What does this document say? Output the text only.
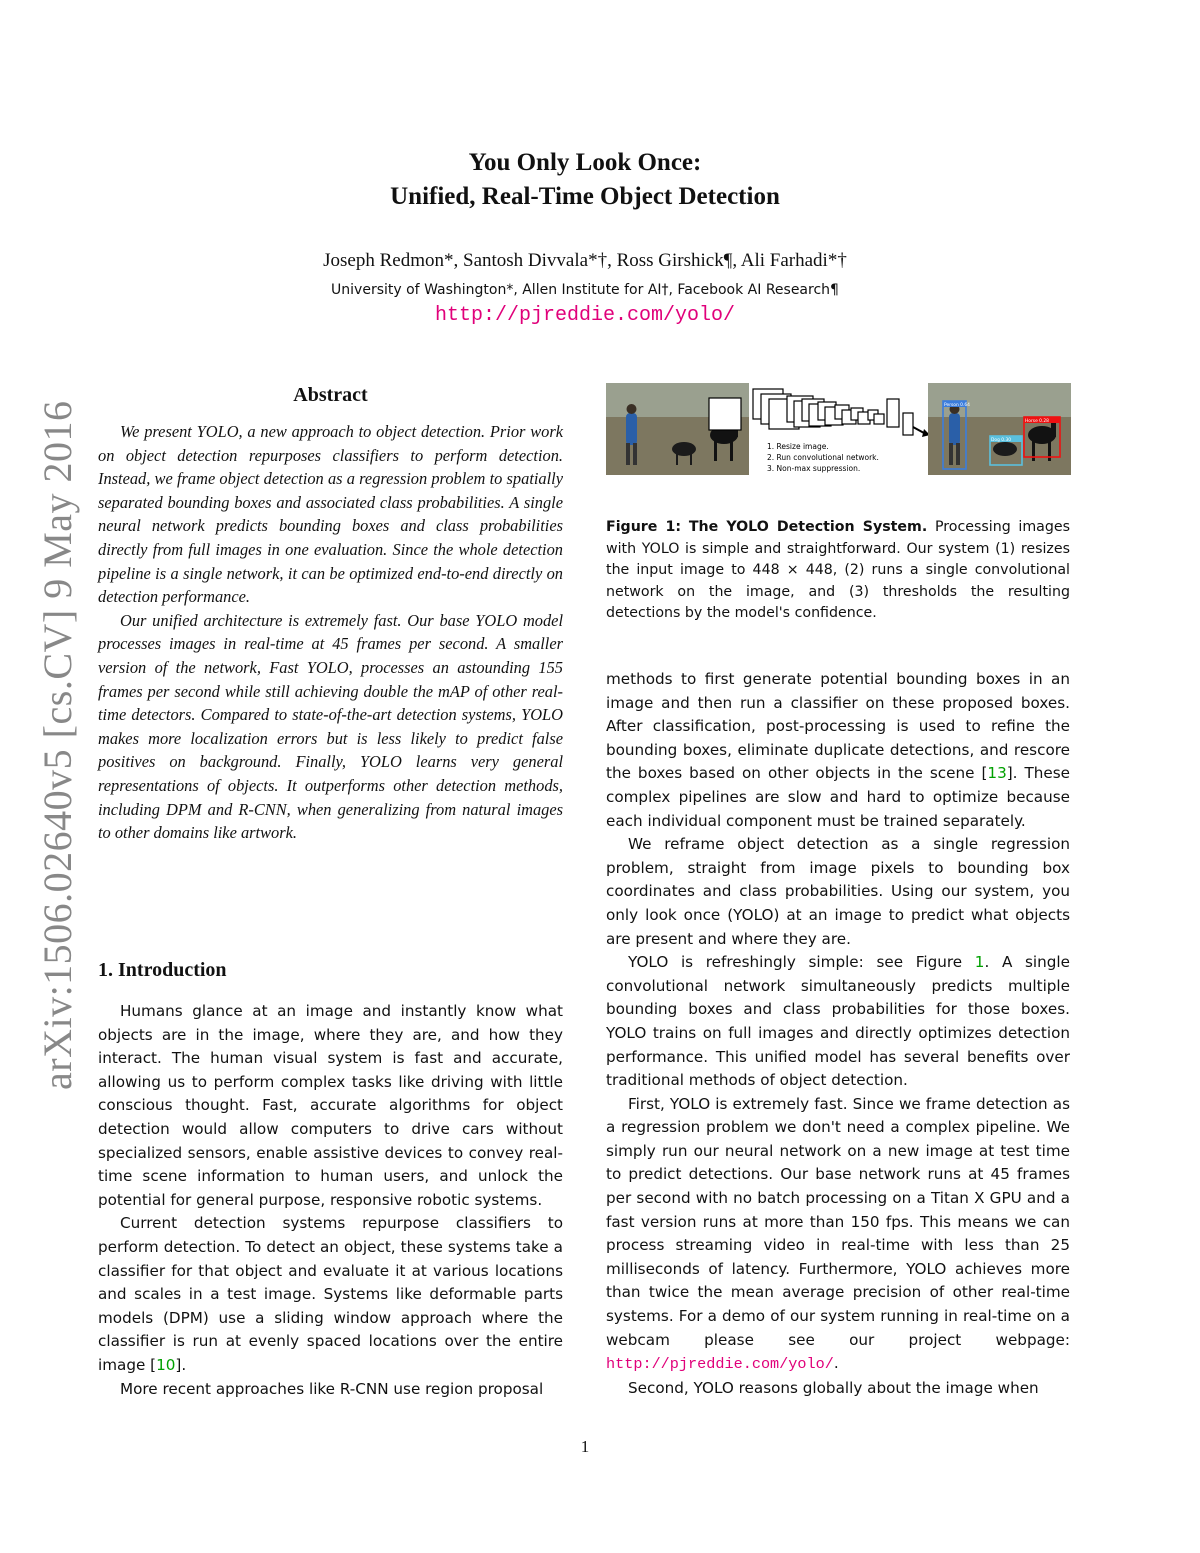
arXiv:1506.02640v5 [cs.CV] 9 May 2016
You Only Look Once:
Unified, Real-Time Object Detection
Joseph Redmon*, Santosh Divvala*†, Ross Girshick¶, Ali Farhadi*†
University of Washington*, Allen Institute for AI†, Facebook AI Research¶
http://pjreddie.com/yolo/
Abstract

We present YOLO, a new approach to object detection. Prior work on object detection repurposes classifiers to perform detection. Instead, we frame object detection as a regression problem to spatially separated bounding boxes and associated class probabilities. A single neural network predicts bounding boxes and class probabilities directly from full images in one evaluation. Since the whole detection pipeline is a single network, it can be optimized end-to-end directly on detection performance.

Our unified architecture is extremely fast. Our base YOLO model processes images in real-time at 45 frames per second. A smaller version of the network, Fast YOLO, processes an astounding 155 frames per second while still achieving double the mAP of other real-time detectors. Compared to state-of-the-art detection systems, YOLO makes more localization errors but is less likely to predict false positives on background. Finally, YOLO learns very general representations of objects. It outperforms other detection methods, including DPM and R-CNN, when generalizing from natural images to other domains like artwork.

1. Introduction

Humans glance at an image and instantly know what objects are in the image, where they are, and how they interact. The human visual system is fast and accurate, allowing us to perform complex tasks like driving with little conscious thought. Fast, accurate algorithms for object detection would allow computers to drive cars without specialized sensors, enable assistive devices to convey real-time scene information to human users, and unlock the potential for general purpose, responsive robotic systems.

Current detection systems repurpose classifiers to perform detection. To detect an object, these systems take a classifier for that object and evaluate it at various locations and scales in a test image. Systems like deformable parts models (DPM) use a sliding window approach where the classifier is run at evenly spaced locations over the entire image [10].

More recent approaches like R-CNN use region proposal

1. Resize image.
2. Run convolutional network.
3. Non-max suppression.
Person 0.64
Dog 0.30
Horse 0.28
Figure 1: The YOLO Detection System. Processing images with YOLO is simple and straightforward. Our system (1) resizes the input image to 448 × 448, (2) runs a single convolutional network on the image, and (3) thresholds the resulting detections by the model's confidence.

methods to first generate potential bounding boxes in an image and then run a classifier on these proposed boxes. After classification, post-processing is used to refine the bounding boxes, eliminate duplicate detections, and rescore the boxes based on other objects in the scene [13]. These complex pipelines are slow and hard to optimize because each individual component must be trained separately.

We reframe object detection as a single regression problem, straight from image pixels to bounding box coordinates and class probabilities. Using our system, you only look once (YOLO) at an image to predict what objects are present and where they are.

YOLO is refreshingly simple: see Figure 1. A single convolutional network simultaneously predicts multiple bounding boxes and class probabilities for those boxes. YOLO trains on full images and directly optimizes detection performance. This unified model has several benefits over traditional methods of object detection.

First, YOLO is extremely fast. Since we frame detection as a regression problem we don't need a complex pipeline. We simply run our neural network on a new image at test time to predict detections. Our base network runs at 45 frames per second with no batch processing on a Titan X GPU and a fast version runs at more than 150 fps. This means we can process streaming video in real-time with less than 25 milliseconds of latency. Furthermore, YOLO achieves more than twice the mean average precision of other real-time systems. For a demo of our system running in real-time on a webcam please see our project webpage: http://pjreddie.com/yolo/.

Second, YOLO reasons globally about the image when

1
